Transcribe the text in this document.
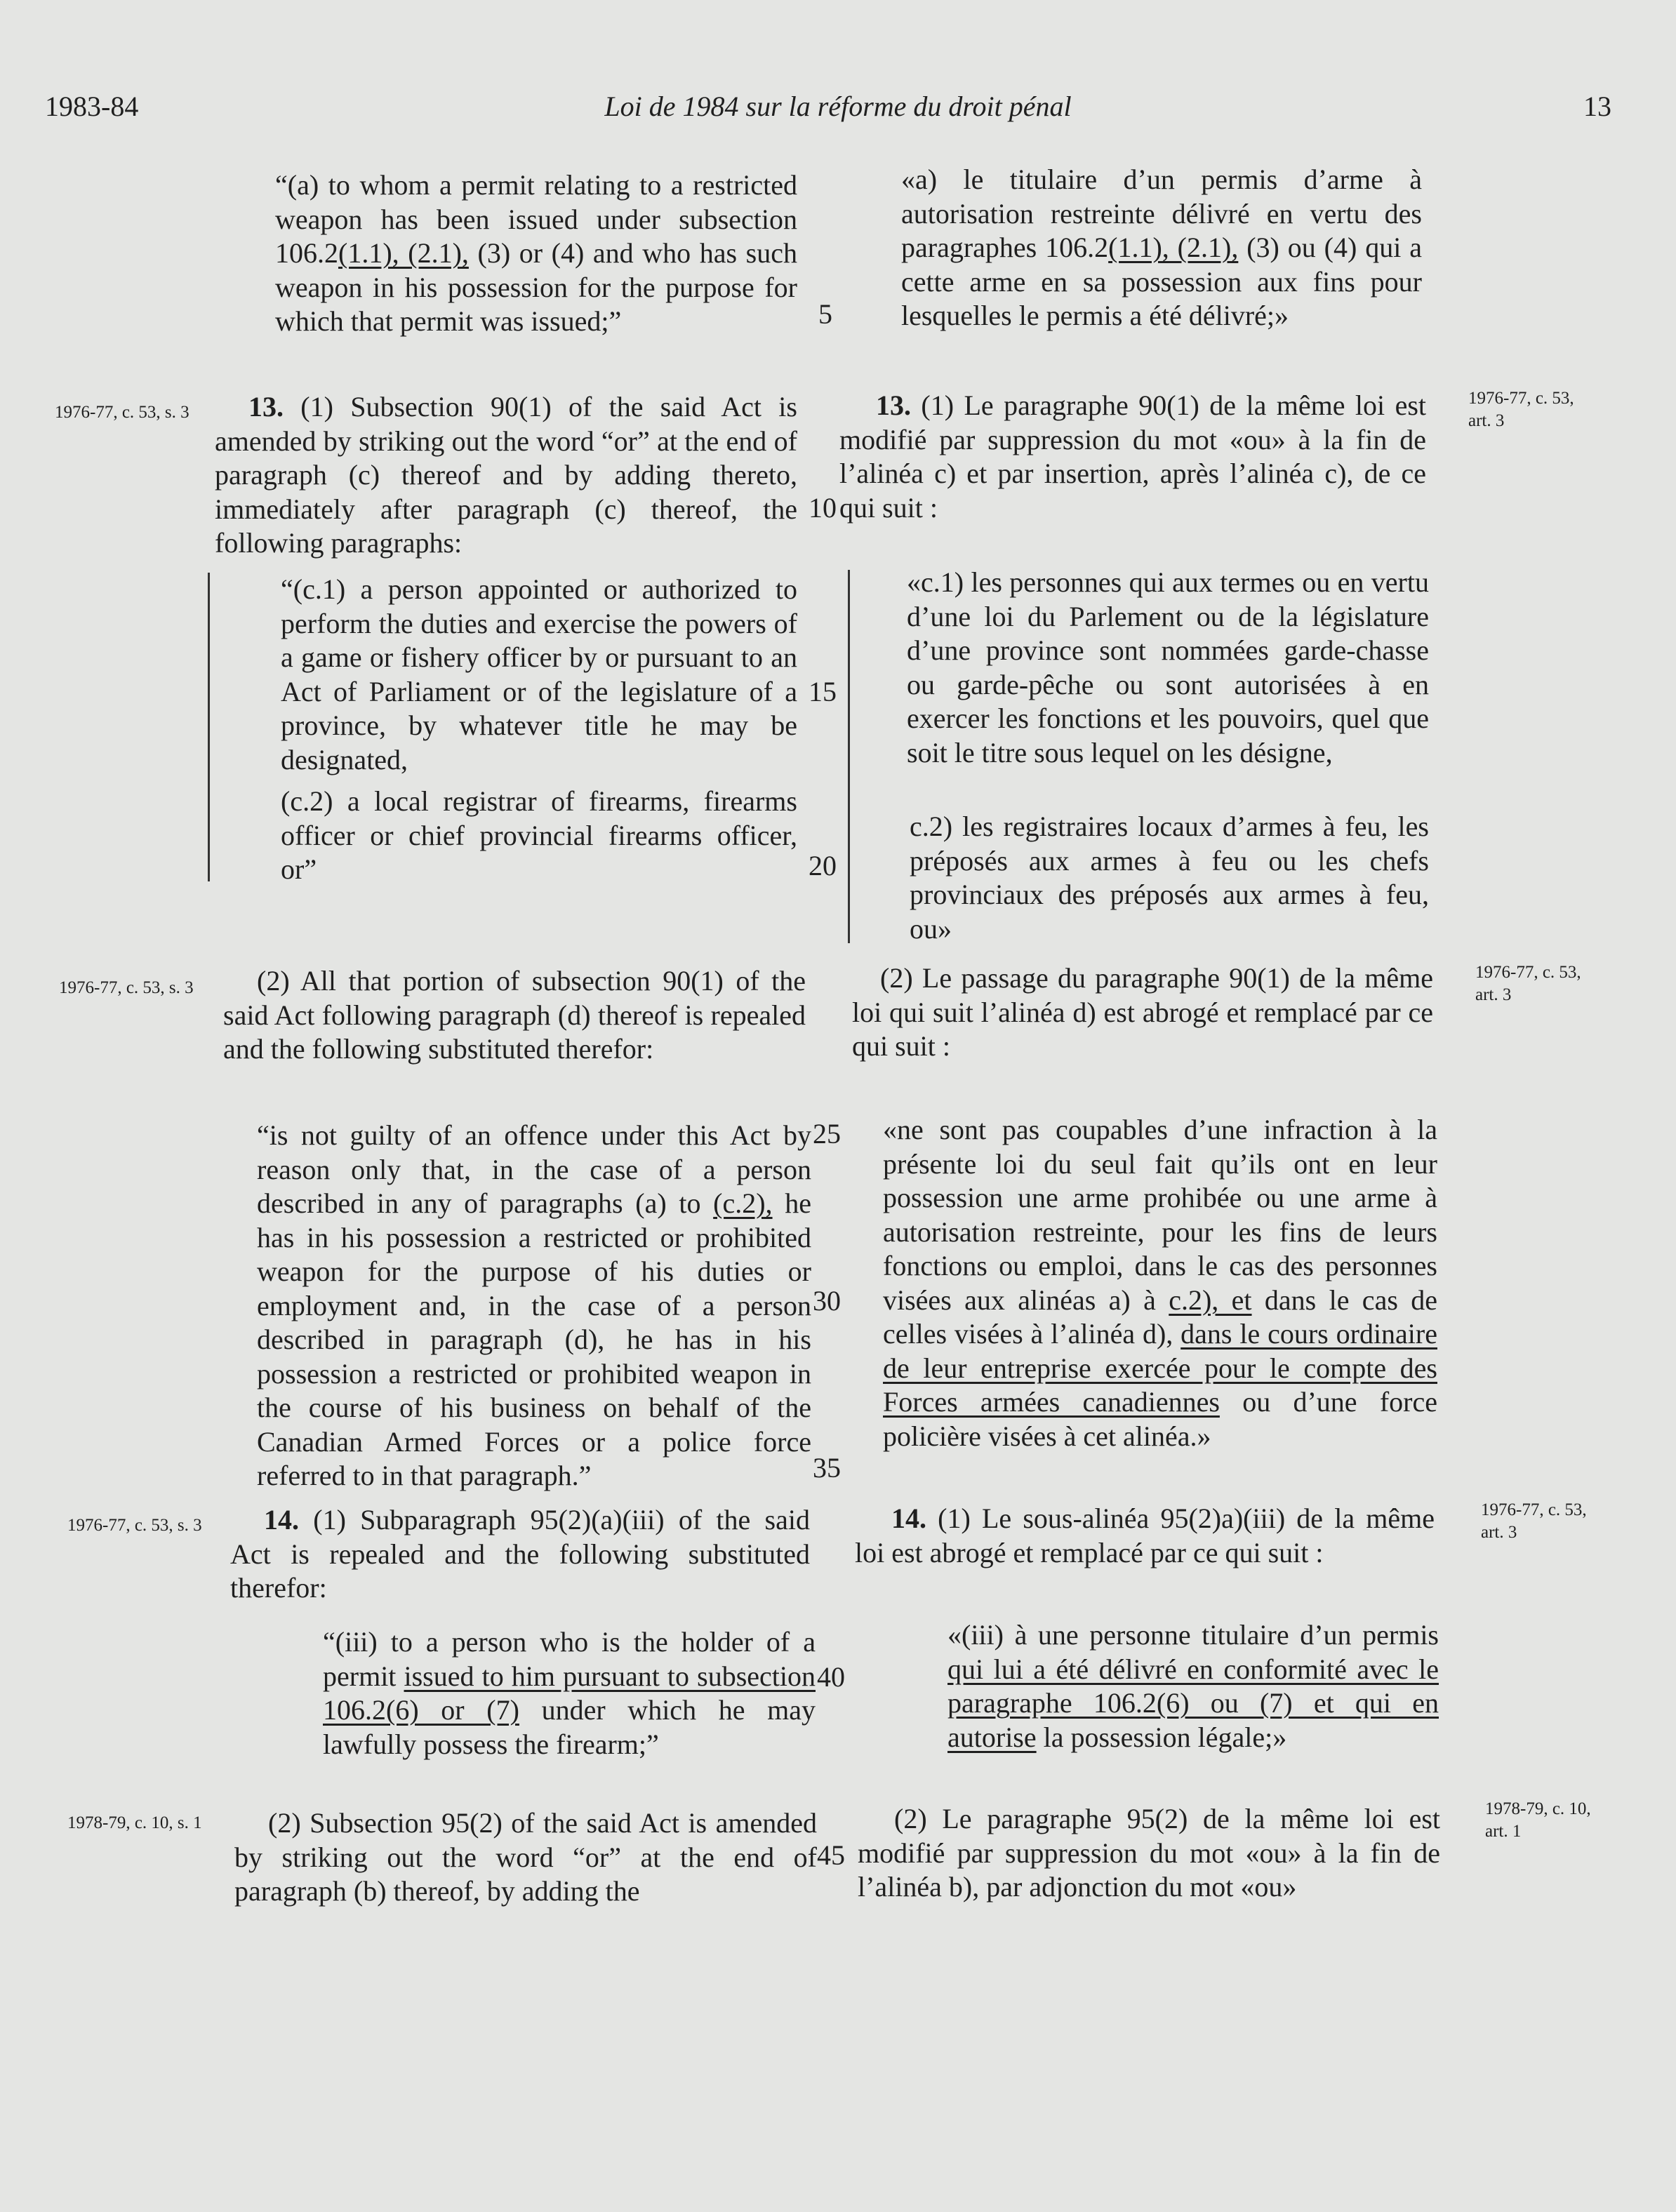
1983-84	Loi de 1984 sur la réforme du droit pénal	13

“(a) to whom a permit relating to a restricted weapon has been issued under subsection 106.2(1.1), (2.1), (3) or (4) and who has such weapon in his possession for the purpose for which that permit was issued;”

1976-77, c. 53, s. 3	13. (1) Subsection 90(1) of the said Act is amended by striking out the word “or” at the end of paragraph (c) thereof and by adding thereto, immediately after paragraph (c) thereof, the following paragraphs:

“(c.1) a person appointed or authorized to perform the duties and exercise the powers of a game or fishery officer by or pursuant to an Act of Parliament or of the legislature of a province, by whatever title he may be designated,

(c.2) a local registrar of firearms, firearms officer or chief provincial firearms officer, or”

1976-77, c. 53, s. 3	(2) All that portion of subsection 90(1) of the said Act following paragraph (d) thereof is repealed and the following substituted therefor:

“is not guilty of an offence under this Act by reason only that, in the case of a person described in any of paragraphs (a) to (c.2), he has in his possession a restricted or prohibited weapon for the purpose of his duties or employment and, in the case of a person described in paragraph (d), he has in his possession a restricted or prohibited weapon in the course of his business on behalf of the Canadian Armed Forces or a police force referred to in that paragraph.”

1976-77, c. 53, s. 3	14. (1) Subparagraph 95(2)(a)(iii) of the said Act is repealed and the following substituted therefor:

“(iii) to a person who is the holder of a permit issued to him pursuant to subsection 106.2(6) or (7) under which he may lawfully possess the firearm;”

1978-79, c. 10, s. 1	(2) Subsection 95(2) of the said Act is amended by striking out the word “or” at the end of paragraph (b) thereof, by adding the

5
10
15
20
25
30
35
40
45

«a) le titulaire d’un permis d’arme à autorisation restreinte délivré en vertu des paragraphes 106.2(1.1), (2.1), (3) ou (4) qui a cette arme en sa possession aux fins pour lesquelles le permis a été délivré;»

13. (1) Le paragraphe 90(1) de la même loi est modifié par suppression du mot «ou» à la fin de l’alinéa c) et par insertion, après l’alinéa c), de ce qui suit :

1976-77, c. 53, art. 3

«c.1) les personnes qui aux termes ou en vertu d’une loi du Parlement ou de la législature d’une province sont nommées garde-chasse ou garde-pêche ou sont autorisées à en exercer les fonctions et les pouvoirs, quel que soit le titre sous lequel on les désigne,

c.2) les registraires locaux d’armes à feu, les préposés aux armes à feu ou les chefs provinciaux des préposés aux armes à feu, ou»

(2) Le passage du paragraphe 90(1) de la même loi qui suit l’alinéa d) est abrogé et remplacé par ce qui suit :

1976-77, c. 53, art. 3

«ne sont pas coupables d’une infraction à la présente loi du seul fait qu’ils ont en leur possession une arme prohibée ou une arme à autorisation restreinte, pour les fins de leurs fonctions ou emploi, dans le cas des personnes visées aux alinéas a) à c.2), et dans le cas de celles visées à l’alinéa d), dans le cours ordinaire de leur entreprise exercée pour le compte des Forces armées canadiennes ou d’une force policière visées à cet alinéa.»

14. (1) Le sous-alinéa 95(2)a)(iii) de la même loi est abrogé et remplacé par ce qui suit :

1976-77, c. 53, art. 3

«(iii) à une personne titulaire d’un permis qui lui a été délivré en conformité avec le paragraphe 106.2(6) ou (7) et qui en autorise la possession légale;»

(2) Le paragraphe 95(2) de la même loi est modifié par suppression du mot «ou» à la fin de l’alinéa b), par adjonction du mot «ou»

1978-79, c. 10, art. 1
